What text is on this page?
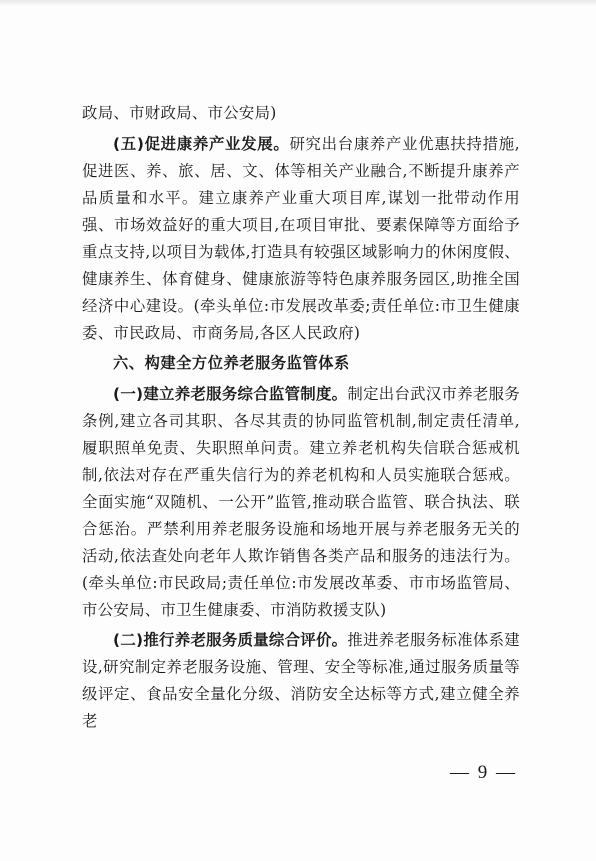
政局、市财政局、市公安局)

(五)促进康养产业发展。研究出台康养产业优惠扶持措施,促进医、养、旅、居、文、体等相关产业融合,不断提升康养产品质量和水平。建立康养产业重大项目库,谋划一批带动作用强、市场效益好的重大项目,在项目审批、要素保障等方面给予重点支持,以项目为载体,打造具有较强区域影响力的休闲度假、健康养生、体育健身、健康旅游等特色康养服务园区,助推全国经济中心建设。(牵头单位:市发展改革委;责任单位:市卫生健康委、市民政局、市商务局,各区人民政府)

六、构建全方位养老服务监管体系

(一)建立养老服务综合监管制度。制定出台武汉市养老服务条例,建立各司其职、各尽其责的协同监管机制,制定责任清单,履职照单免责、失职照单问责。建立养老机构失信联合惩戒机制,依法对存在严重失信行为的养老机构和人员实施联合惩戒。全面实施“双随机、一公开”监管,推动联合监管、联合执法、联合惩治。严禁利用养老服务设施和场地开展与养老服务无关的活动,依法查处向老年人欺诈销售各类产品和服务的违法行为。(牵头单位:市民政局;责任单位:市发展改革委、市市场监管局、市公安局、市卫生健康委、市消防救援支队)

(二)推行养老服务质量综合评价。推进养老服务标准体系建设,研究制定养老服务设施、管理、安全等标准,通过服务质量等级评定、食品安全量化分级、消防安全达标等方式,建立健全养老

— 9 —
